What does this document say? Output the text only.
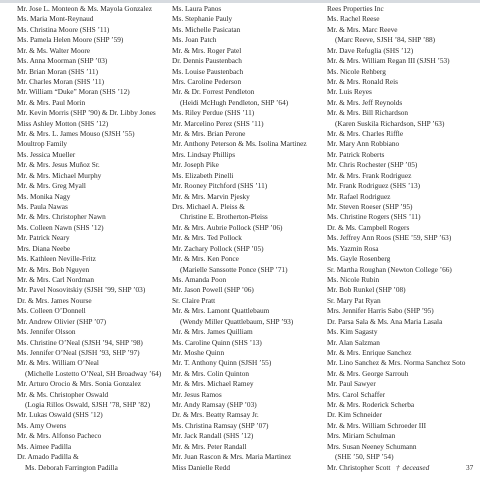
Mr. Jose L. Monteon & Ms. Mayola Gonzalez
Ms. Maria Mont-Reynaud
Ms. Christina Moore (SHS ’11)
Ms. Pamela Helen Moore (SHP ’59)
Mr. & Ms. Walter Moore
Ms. Anna Moorman (SHP ’03)
Mr. Brian Moran (SHS ’11)
Mr. Charles Moran (SHS ’11)
Mr. William “Duke” Moran (SHS ’12)
Mr. & Mrs. Paul Morin
Mr. Kevin Morris (SHP ’90) & Dr. Libby Jones
Miss Ashley Motton (SHS ’12)
Mr. & Mrs. L. James Mouso (SJSH ’55)
Moultrop Family
Ms. Jessica Mueller
Mr. & Mrs. Jesus Muñoz Sr.
Mr. & Mrs. Michael Murphy
Mr. & Mrs. Greg Myall
Ms. Monika Nagy
Ms. Paula Nawas
Mr. & Mrs. Christopher Nawn
Ms. Colleen Nawn (SHS ’12)
Mr. Patrick Neary
Mrs. Diana Neebe
Ms. Kathleen Neville-Fritz
Mr. & Mrs. Bob Nguyen
Mr. & Mrs. Carl Nordman
Mr. Pavel Nosovitskiy (SJSH ’99, SHP ’03)
Dr. & Mrs. James Nourse
Ms. Colleen O’Donnell
Mr. Andrew Olivier (SHP ’07)
Ms. Jennifer Olsson
Ms. Christine O’Neal (SJSH ’94, SHP ’98)
Ms. Jennifer O’Neal (SJSH ’93, SHP ’97)
Mr. & Mrs. William O’Neal
(Michelle Lostetto O’Neal, SH Broadway ’64)
Mr. Arturo Orocio & Mrs. Sonia Gonzalez
Mr. & Ms. Christopher Oswald
(Logia Rillos Oswald, SJSH ’78, SHP ’82)
Mr. Lukas Oswald (SHS ’12)
Ms. Amy Owens
Mr. & Mrs. Alfonso Pacheco
Ms. Aimee Padilla
Dr. Amado Padilla &
Ms. Deborah Farrington Padilla
Ms. Laura Panos
Ms. Stephanie Pauly
Ms. Michelle Pasicatan
Ms. Joan Patch
Mr. & Mrs. Roger Patel
Dr. Dennis Paustenbach
Ms. Louise Paustenbach
Mrs. Caroline Pederson
Mr. & Dr. Forrest Pendleton
(Heidi McHugh Pendleton, SHP ’64)
Ms. Riley Perdue (SHS ’11)
Mr. Marcelino Perez (SHS ’11)
Mr. & Mrs. Brian Perone
Mr. Anthony Peterson & Ms. Isolina Martinez
Mrs. Lindsay Phillips
Mr. Joseph Pike
Ms. Elizabeth Pinelli
Mr. Rooney Pitchford (SHS ’11)
Mr. & Mrs. Marvin Pjesky
Drs. Michael A. Pleiss &
Christine E. Brotherton-Pleiss
Mr. & Mrs. Aubrie Pollock (SHP ’06)
Mr. & Mrs. Ted Pollock
Mr. Zachary Pollock (SHP ’05)
Mr. & Mrs. Ken Ponce
(Marielle Sanssotte Ponce (SHP ’71)
Ms. Amanda Poon
Mr. Jason Powell (SHP ’06)
Sr. Claire Pratt
Mr. & Mrs. Lamont Quattlebaum
(Wendy Miller Quattlebaum, SHP ’93)
Mr. & Mrs. James Quilliam
Ms. Caroline Quinn (SHS ’13)
Mr. Moshe Quinn
Mr. T. Anthony Quinn (SJSH ’55)
Mr. & Mrs. Colin Quinton
Mr. & Mrs. Michael Ramey
Mr. Jesus Ramos
Mr. Andy Ramsay (SHP ’03)
Dr. & Mrs. Beatty Ramsay Jr.
Ms. Christina Ramsay (SHP ’07)
Mr. Jack Randall (SHS ’12)
Mr. & Mrs. Peter Randall
Mr. Juan Rascon & Mrs. Maria Martinez
Miss Danielle Redd
Rees Properties Inc
Ms. Rachel Reese
Mr. & Mrs. Marc Reeve
(Marc Reeve, SJSH ’84, SHP ’88)
Mr. Dave Refuglia (SHS ’12)
Mr. & Mrs. William Regan III (SJSH ’53)
Ms. Nicole Rehberg
Mr. & Mrs. Ronald Reis
Mr. Luis Reyes
Mr. & Mrs. Jeff Reynolds
Mr. & Mrs. Bill Richardson
(Karen Suskila Richardson, SHP ’63)
Mr. & Mrs. Charles Riffle
Mr. Mary Ann Robbiano
Mr. Patrick Roberts
Mr. Chris Rochester (SHP ’05)
Mr. & Mrs. Frank Rodriguez
Mr. Frank Rodriguez (SHS ’13)
Mr. Rafael Rodriguez
Mr. Steven Roeser (SHP ’95)
Ms. Christine Rogers (SHS ’11)
Dr. & Ms. Campbell Rogers
Ms. Jeffrey Ann Roos (SHE ’59, SHP ’63)
Ms. Yazmin Rosa
Ms. Gayle Rosenberg
Sr. Martha Roughan (Newton College ’66)
Ms. Nicole Rubin
Mr. Bob Runkel (SHP ’08)
Sr. Mary Pat Ryan
Mrs. Jennifer Harris Sabo (SHP ’95)
Dr. Parsa Sala & Ms. Ana Maria Lasala
Ms. Kim Sagasty
Mr. Alan Salzman
Mr. & Mrs. Enrique Sanchez
Mr. Lino Sanchez & Mrs. Norma Sanchez Soto
Mr. & Mrs. George Sarrouh
Mr. Paul Sawyer
Mrs. Carol Schaffer
Mr. & Mrs. Roderick Scherba
Dr. Kim Schneider
Mr. & Mrs. William Schroeder III
Mrs. Miriam Schulman
Mrs. Susan Neeney Schumann
(SHE ’50, SHP ’54)
Mr. Christopher Scott † deceased	37
